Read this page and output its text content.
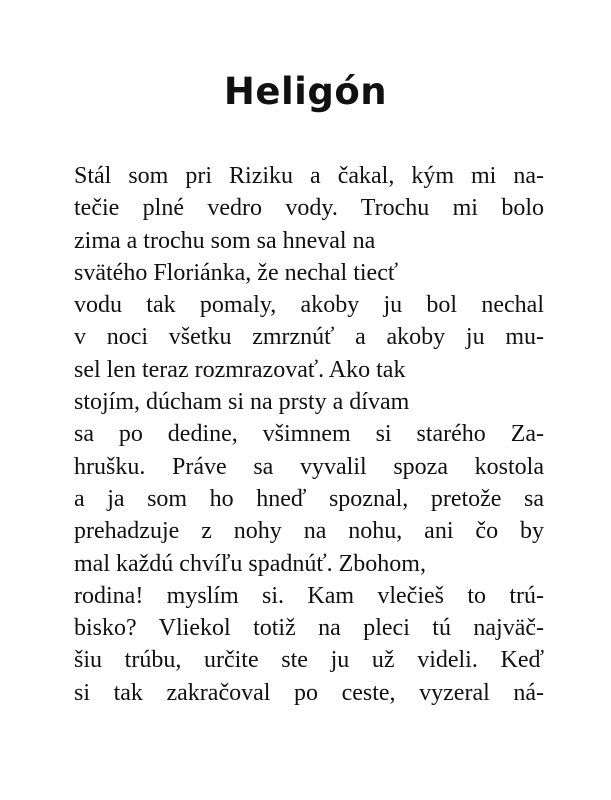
Heligón
Stál som pri Riziku a čakal, kým mi na-
tečie plné vedro vody. Trochu mi bolo
zima a trochu som sa hneval na
svätého Floriánka, že nechal tiecť
vodu tak pomaly, akoby ju bol nechal
v noci všetku zmrznúť a akoby ju mu-
sel len teraz rozmrazovať. Ako tak
stojím, dúcham si na prsty a dívam
sa po dedine, všimnem si starého Za-
hrušku. Práve sa vyvalil spoza kostola
a ja som ho hneď spoznal, pretože sa
prehadzuje z nohy na nohu, ani čo by
mal každú chvíľu spadnúť. Zbohom,
rodina! myslím si. Kam vlečieš to trú-
bisko? Vliekol totiž na pleci tú najväč-
šiu trúbu, určite ste ju už videli. Keď
si tak zakračoval po ceste, vyzeral ná-
